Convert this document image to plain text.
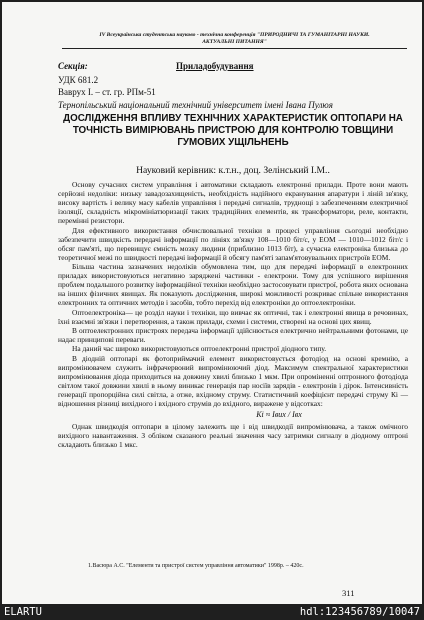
IV Всеукраїнська студентська науково - технічна конференція "ПРИРОДНИЧІ ТА ГУМАНІТАРНІ НАУКИ.
АКТУАЛЬНІ ПИТАННЯ"
Секція:	Приладобудування
УДК 681.2
Ваврух І. – ст. гр. РПм-51
Тернопільський національний технічний університет імені Івана Пулюя
ДОСЛІДЖЕННЯ ВПЛИВУ ТЕХНІЧНИХ ХАРАКТЕРИСТИК ОПТОПАРИ НА ТОЧНІСТЬ ВИМІРЮВАНЬ ПРИСТРОЮ ДЛЯ КОНТРОЛЮ ТОВЩИНИ ГУМОВИХ УЩІЛЬНЕНЬ
Науковий керівник: к.т.н., доц. Зелінський І.М..

Основу сучасних систем управління і автоматики складають електронні прилади. Проте вони мають серйозні недоліки: низьку завадозахищеність, необхідність надійного екранування апаратури і ліній зв'язку, високу вартість і велику масу кабелів управління і передачі сигналів, труднощі з забезпеченням електричної ізоляції, складність мікромініатюризації таких традиційних елементів, як трансформатори, реле, контакти, перемінні резистори.

Для ефективного використання обчислювальної техніки в процесі управління сьогодні необхідно забезпечити швидкість передачі інформації по лініях зв'язку 108—1010 біт/с, у ЕОМ — 1010—1012 біт/с і обсяг пам'яті, що перевищує ємність мозку людини (приблизно 1013 біт), а сучасна електроніка близька до теоретичної межі по швидкості передачі інформації й обсягу пам'яті запам'ятовувальних пристроїв ЕОМ.

Більша частина зазначених недоліків обумовлена тим, що для передачі інформації в електронних приладах використовуються негативно заряджені частинки - електрони. Тому для успішного вирішення проблем подальшого розвитку інформаційної техніки необхідно застосовувати пристрої, робота яких основана на інших фізичних явищах. Як показують дослідження, широкі можливості розкриває спільне використання електронних та оптичних методів і засобів, тобто перехід від електроніки до оптоелектроніки.

Оптоелектроніка— це розділ науки і техніки, що вивчає як оптичні, так і електронні явища в речовинах, їхні взаємні зв'язки і перетворення, а також прилади, схеми і системи, створені на основі цих явищ.

В оптоелектронних пристроях передача інформації здійснюється електрично нейтральними фотонами, це надає принципові переваги.

На даний час широко використовуються оптоелектронні пристрої діодного типу.

В діодній оптопарі як фотоприймачий елемент використовується фотодіод на основі кремнію, а випромінювачем служить інфрачервоний випромінюючий діод. Максимум спектральної характеристики випромінювання діода приходиться на довжину хвилі близько 1 мкм. При опроміненні оптронного фотодіода світлом такої довжини хвилі в ньому виникає генерація пар носіїв зарядів - електронів і дірок. Інтенсивність генерації пропорційна силі світла, а отже, вхідному струму. Статистичний коефіцієнт передачі струму Кі — відношення різниці вихідного і вхідного струмів до вхідного, виражене у відсотках:

Кі ≈ Івих / Івх

Однак швидкодія оптопари в цілому залежить ще і від швидкодії випромінювача, а також омічного вихідного навантаження. З обліком сказаного реальні значення часу затримки сигналу в діодному оптроні складають близько 1 мкс.

1.Васюра А.С. "Елементи та пристрої систем управління автоматики" 1998р. – 420с.
311
ELARTU	hdl:123456789/10047
